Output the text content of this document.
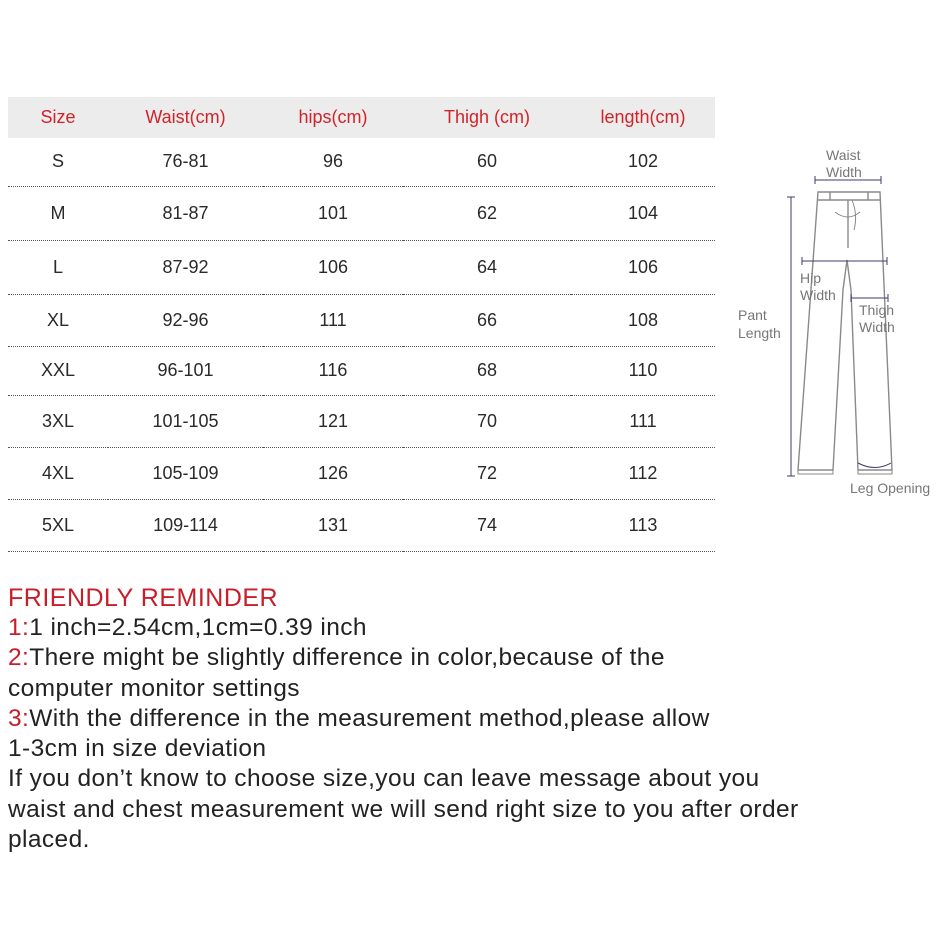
Size	Waist(cm)	hips(cm)	Thigh (cm)	length(cm)
S	76-81	96	60	102
M	81-87	101	62	104
L	87-92	106	64	106
XL	92-96	111	66	108
XXL	96-101	116	68	110
3XL	101-105	121	70	111
4XL	105-109	126	72	112
5XL	109-114	131	74	113
Waist
Width
Hip
Width
Pant
Length
Thigh
Width
Leg Opening
FRIENDLY REMINDER
1:1 inch=2.54cm,1cm=0.39 inch
2:There might be slightly difference in color,because of the
computer monitor settings
3:With the difference in the measurement method,please allow
1-3cm in size deviation
If you don’t know to choose size,you can leave message about you
waist and chest measurement we will send right size to you after order
placed.
